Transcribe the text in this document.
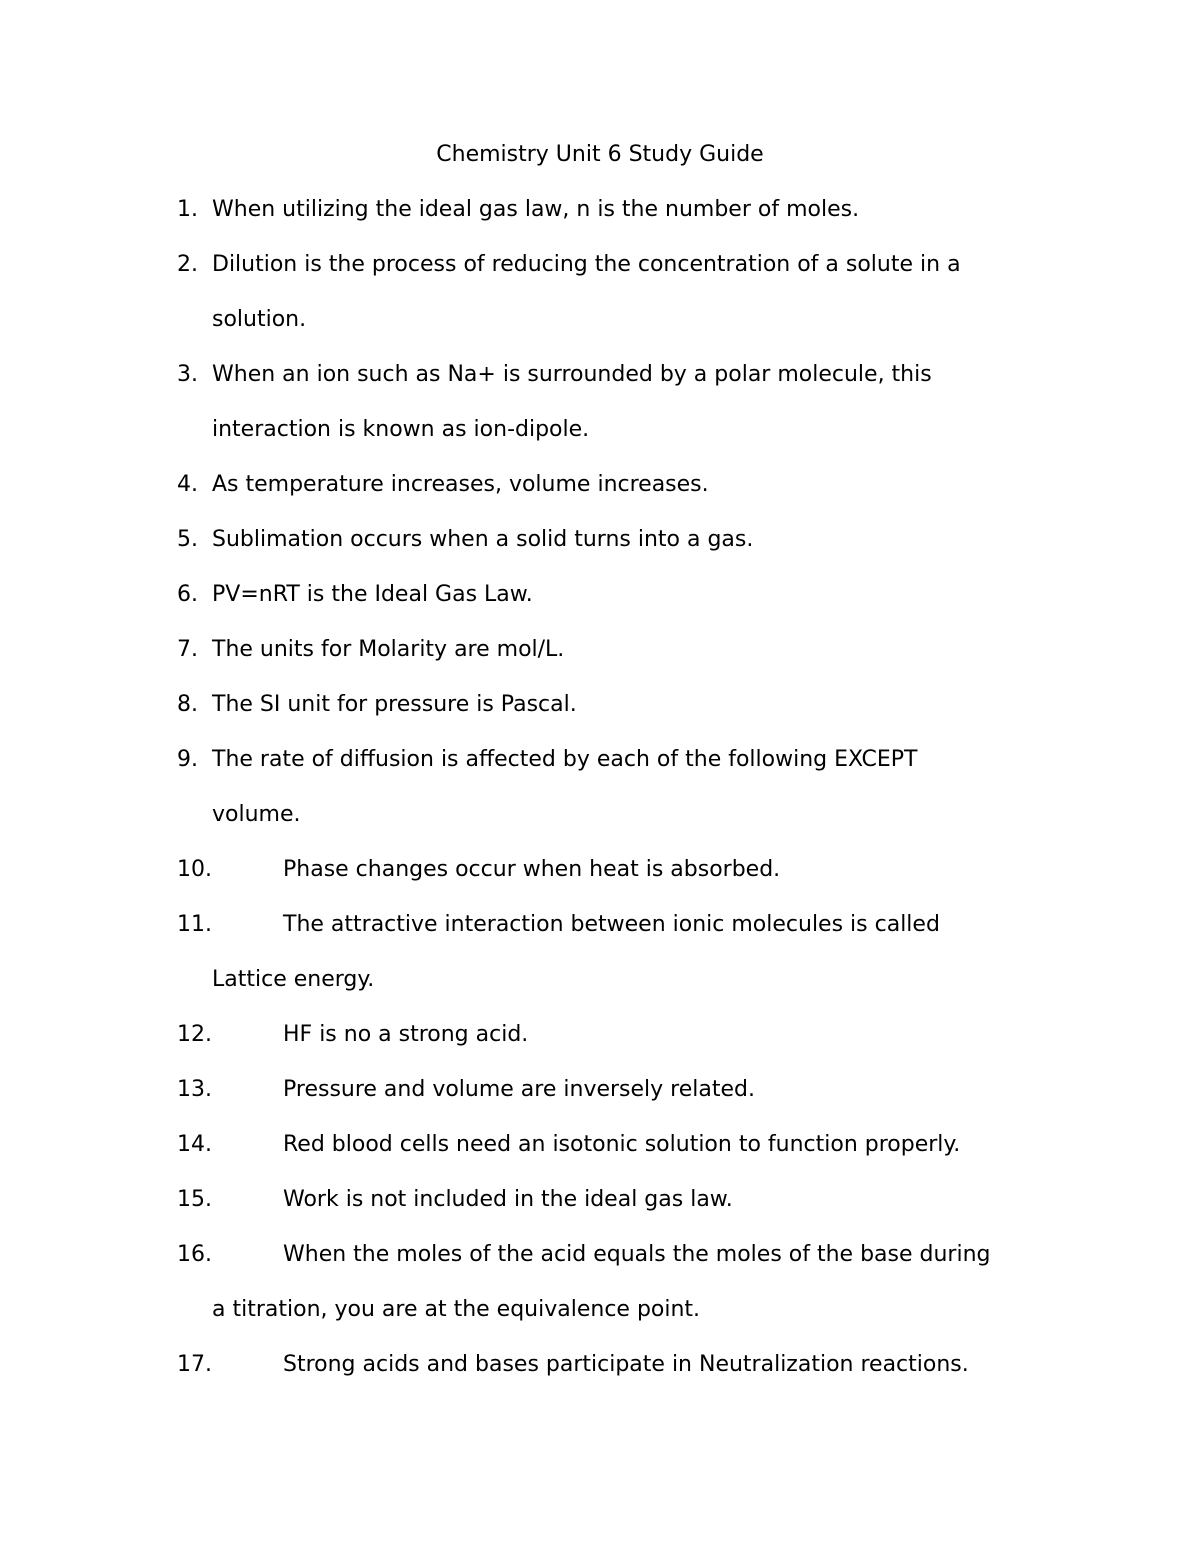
Chemistry Unit 6 Study Guide
1. When utilizing the ideal gas law, n is the number of moles.
2. Dilution is the process of reducing the concentration of a solute in a
solution.
3. When an ion such as Na+ is surrounded by a polar molecule, this
interaction is known as ion-dipole.
4. As temperature increases, volume increases.
5. Sublimation occurs when a solid turns into a gas.
6. PV=nRT is the Ideal Gas Law.
7. The units for Molarity are mol/L.
8. The SI unit for pressure is Pascal.
9. The rate of diffusion is affected by each of the following EXCEPT
volume.
10.	Phase changes occur when heat is absorbed.
11.	The attractive interaction between ionic molecules is called
Lattice energy.
12.	HF is no a strong acid.
13.	Pressure and volume are inversely related.
14.	Red blood cells need an isotonic solution to function properly.
15.	Work is not included in the ideal gas law.
16.	When the moles of the acid equals the moles of the base during
a titration, you are at the equivalence point.
17.	Strong acids and bases participate in Neutralization reactions.
